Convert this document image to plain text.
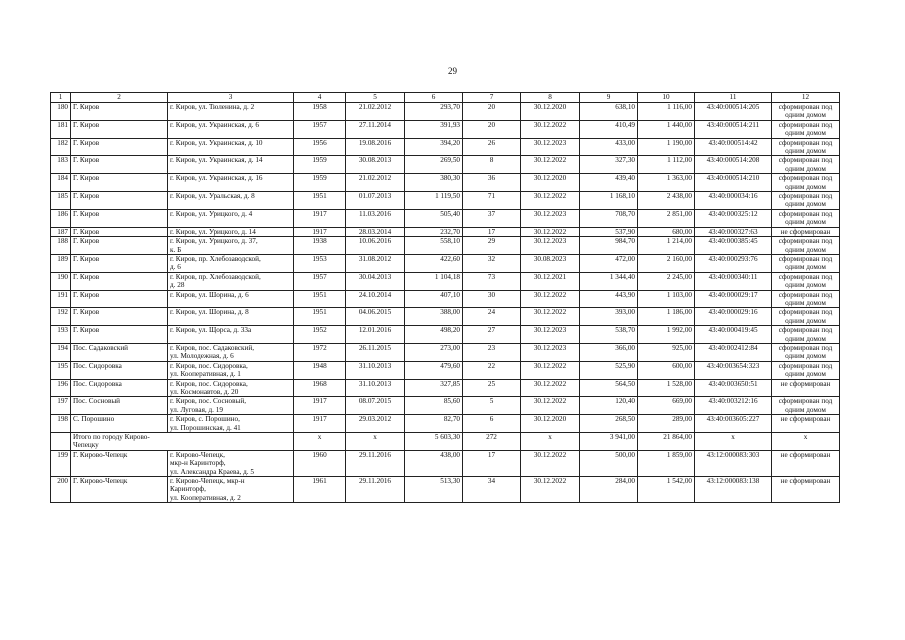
29
1	2	3	4	5	6	7	8	9	10	11	12
180	Г. Киров	г. Киров, ул. Тюленина, д. 2	1958	21.02.2012	293,70	20	30.12.2020	638,10	1 116,00	43:40:000514:205	сформирован под
одним домом
181	Г. Киров	г. Киров, ул. Украинская, д. 6	1957	27.11.2014	391,93	20	30.12.2022	410,49	1 440,00	43:40:000514:211	сформирован под
одним домом
182	Г. Киров	г. Киров, ул. Украинская, д. 10	1956	19.08.2016	394,20	26	30.12.2023	433,00	1 190,00	43:40:000514:42	сформирован под
одним домом
183	Г. Киров	г. Киров, ул. Украинская, д. 14	1959	30.08.2013	269,50	8	30.12.2022	327,30	1 112,00	43:40:000514:208	сформирован под
одним домом
184	Г. Киров	г. Киров, ул. Украинская, д. 16	1959	21.02.2012	380,30	36	30.12.2020	439,40	1 363,00	43:40:000514:210	сформирован под
одним домом
185	Г. Киров	г. Киров, ул. Уральская, д. 8	1951	01.07.2013	1 119,50	71	30.12.2022	1 168,10	2 438,00	43:40:000034:16	сформирован под
одним домом
186	Г. Киров	г. Киров, ул. Урицкого, д. 4	1917	11.03.2016	505,40	37	30.12.2023	708,70	2 851,00	43:40:000325:12	сформирован под
одним домом
187	Г. Киров	г. Киров, ул. Урицкого, д. 14	1917	28.03.2014	232,70	17	30.12.2022	537,90	680,00	43:40:000327:63	не сформирован
188	Г. Киров	г. Киров, ул. Урицкого, д. 37,
к. Б	1938	10.06.2016	558,10	29	30.12.2023	984,70	1 214,00	43:40:000385:45	сформирован под
одним домом
189	Г. Киров	г. Киров, пр. Хлебозаводской,
д. 6	1953	31.08.2012	422,60	32	30.08.2023	472,00	2 160,00	43:40:000293:76	сформирован под
одним домом
190	Г. Киров	г. Киров, пр. Хлебозаводской,
д. 28	1957	30.04.2013	1 104,18	73	30.12.2021	1 344,40	2 245,00	43:40:000340:11	сформирован под
одним домом
191	Г. Киров	г. Киров, ул. Шорина, д. 6	1951	24.10.2014	407,10	30	30.12.2022	443,90	1 103,00	43:40:000029:17	сформирован под
одним домом
192	Г. Киров	г. Киров, ул. Шорина, д. 8	1951	04.06.2015	388,00	24	30.12.2022	393,00	1 186,00	43:40:000029:16	сформирован под
одним домом
193	Г. Киров	г. Киров, ул. Щорса, д. 33а	1952	12.01.2016	498,20	27	30.12.2023	538,70	1 992,00	43:40:000419:45	сформирован под
одним домом
194	Пос. Садаковский	г. Киров, пос. Садаковский,
ул. Молодежная, д. 6	1972	26.11.2015	273,00	23	30.12.2023	366,00	925,00	43:40:002412:84	сформирован под
одним домом
195	Пос. Сидоровка	г. Киров, пос. Сидоровка,
ул. Кооперативная, д. 1	1948	31.10.2013	479,60	22	30.12.2022	525,90	600,00	43:40:003654:323	сформирован под
одним домом
196	Пос. Сидоровка	г. Киров, пос. Сидоровка,
ул. Космонавтов, д. 20	1968	31.10.2013	327,85	25	30.12.2022	564,50	1 528,00	43:40:003650:51	не сформирован
197	Пос. Сосновый	г. Киров, пос. Сосновый,
ул. Луговая, д. 19	1917	08.07.2015	85,60	5	30.12.2022	120,40	669,00	43:40:003212:16	сформирован под
одним домом
198	С. Порошино	г. Киров, с. Порошино,
ул. Порошинская, д. 41	1917	29.03.2012	82,70	6	30.12.2020	268,50	289,00	43:40:003605:227	не сформирован
	Итого по городу Кирово-
Чепецку		х	х	5 603,30	272	х	3 941,00	21 864,00	х	х
199	Г. Кирово-Чепецк	г. Кирово-Чепецк,
мкр-н Каринторф,
ул. Александра Краева, д. 5	1960	29.11.2016	438,00	17	30.12.2022	500,00	1 859,00	43:12:000083:303	не сформирован
200	Г. Кирово-Чепецк	г. Кирово-Чепецк, мкр-н
Каринторф,
ул. Кооперативная, д. 2	1961	29.11.2016	513,30	34	30.12.2022	284,00	1 542,00	43:12:000083:138	не сформирован
